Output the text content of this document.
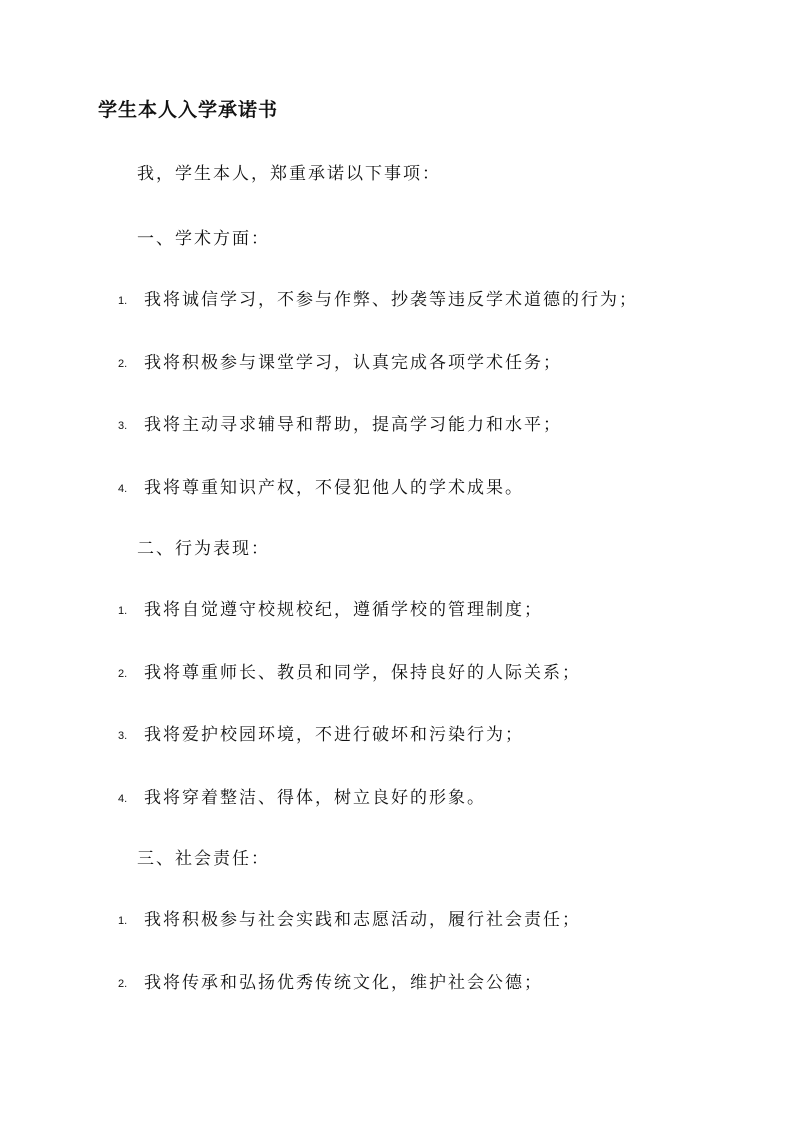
学生本人入学承诺书
我，学生本人，郑重承诺以下事项：
一、学术方面：
1. 我将诚信学习，不参与作弊、抄袭等违反学术道德的行为；
2. 我将积极参与课堂学习，认真完成各项学术任务；
3. 我将主动寻求辅导和帮助，提高学习能力和水平；
4. 我将尊重知识产权，不侵犯他人的学术成果。
二、行为表现：
1. 我将自觉遵守校规校纪，遵循学校的管理制度；
2. 我将尊重师长、教员和同学，保持良好的人际关系；
3. 我将爱护校园环境，不进行破坏和污染行为；
4. 我将穿着整洁、得体，树立良好的形象。
三、社会责任：
1. 我将积极参与社会实践和志愿活动，履行社会责任；
2. 我将传承和弘扬优秀传统文化，维护社会公德；
